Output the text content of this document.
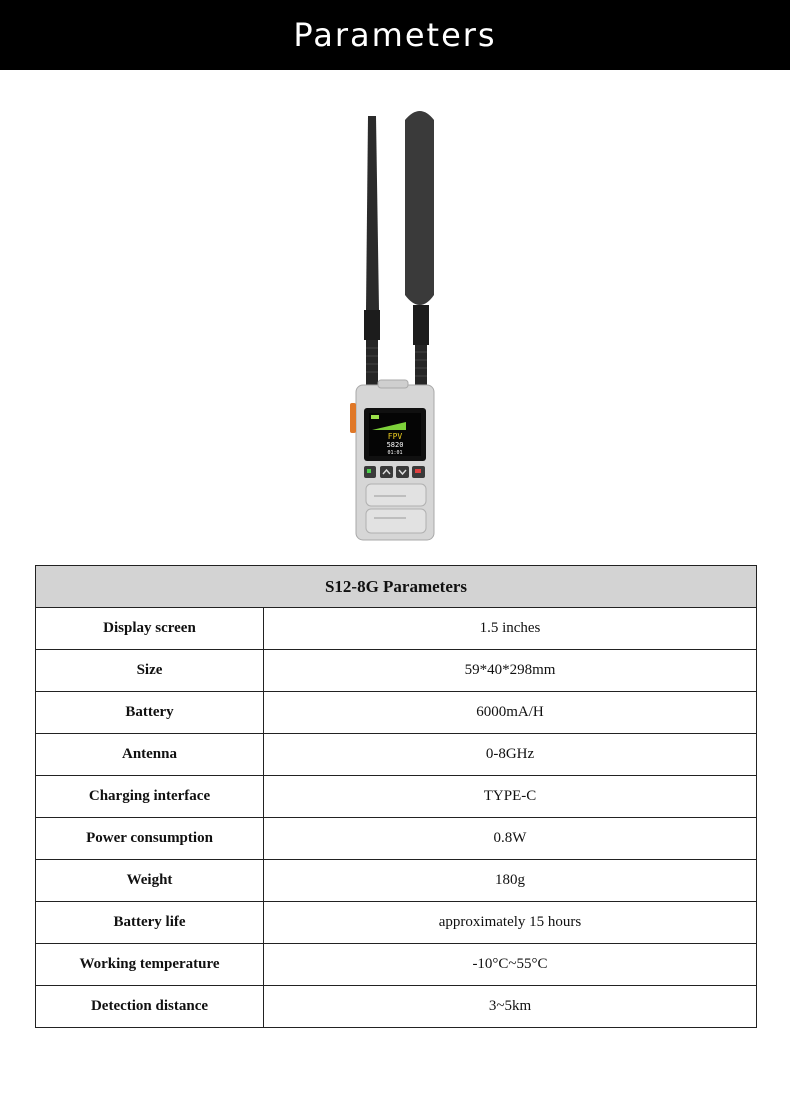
Parameters
FPV
5820
01:01
S12-8G Parameters	
Display screen	1.5 inches
Size	59*40*298mm
Battery	6000mA/H
Antenna	0-8GHz
Charging interface	TYPE-C
Power consumption	0.8W
Weight	180g
Battery life	approximately 15 hours
Working temperature	-10°C~55°C
Detection distance	3~5km
